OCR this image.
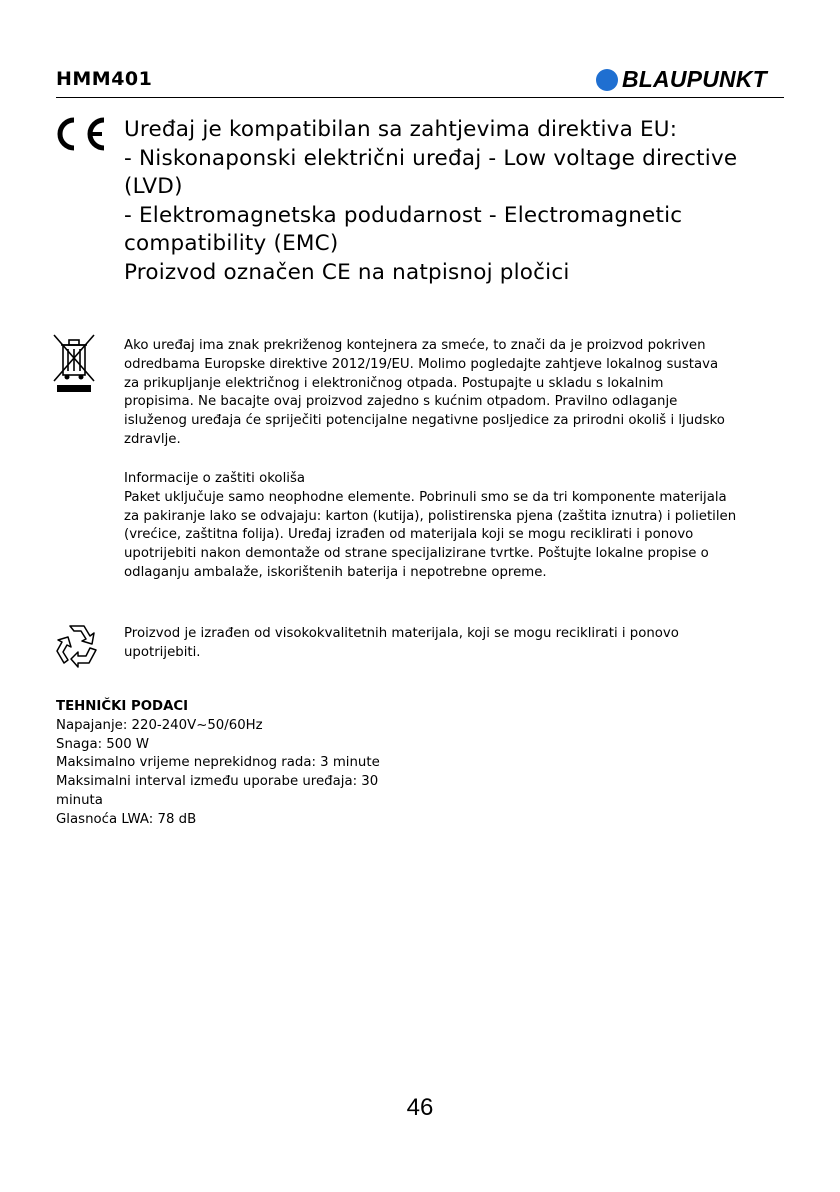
HMM401	BLAUPUNKT
Uređaj je kompatibilan sa zahtjevima direktiva EU:
- Niskonaponski električni uređaj - Low voltage directive
(LVD)
- Elektromagnetska podudarnost - Electromagnetic
compatibility (EMC)
Proizvod označen CE na natpisnoj pločici
Ako uređaj ima znak prekriženog kontejnera za smeće, to znači da je proizvod pokriven
odredbama Europske direktive 2012/19/EU. Molimo pogledajte zahtjeve lokalnog sustava
za prikupljanje električnog i elektroničnog otpada. Postupajte u skladu s lokalnim
propisima. Ne bacajte ovaj proizvod zajedno s kućnim otpadom. Pravilno odlaganje
isluženog uređaja će spriječiti potencijalne negativne posljedice za prirodni okoliš i ljudsko
zdravlje.
Informacije o zaštiti okoliša
Paket uključuje samo neophodne elemente. Pobrinuli smo se da tri komponente materijala
za pakiranje lako se odvajaju: karton (kutija), polistirenska pjena (zaštita iznutra) i polietilen
(vrećice, zaštitna folija). Uređaj izrađen od materijala koji se mogu reciklirati i ponovo
upotrijebiti nakon demontaže od strane specijalizirane tvrtke. Poštujte lokalne propise o
odlaganju ambalaže, iskorištenih baterija i nepotrebne opreme.
Proizvod je izrađen od visokokvalitetnih materijala, koji se mogu reciklirati i ponovo
upotrijebiti.
TEHNIČKI PODACI
Napajanje: 220-240V~50/60Hz
Snaga: 500 W
Maksimalno vrijeme neprekidnog rada: 3 minute
Maksimalni interval između uporabe uređaja: 30
minuta
Glasnoća LWA: 78 dB
46
